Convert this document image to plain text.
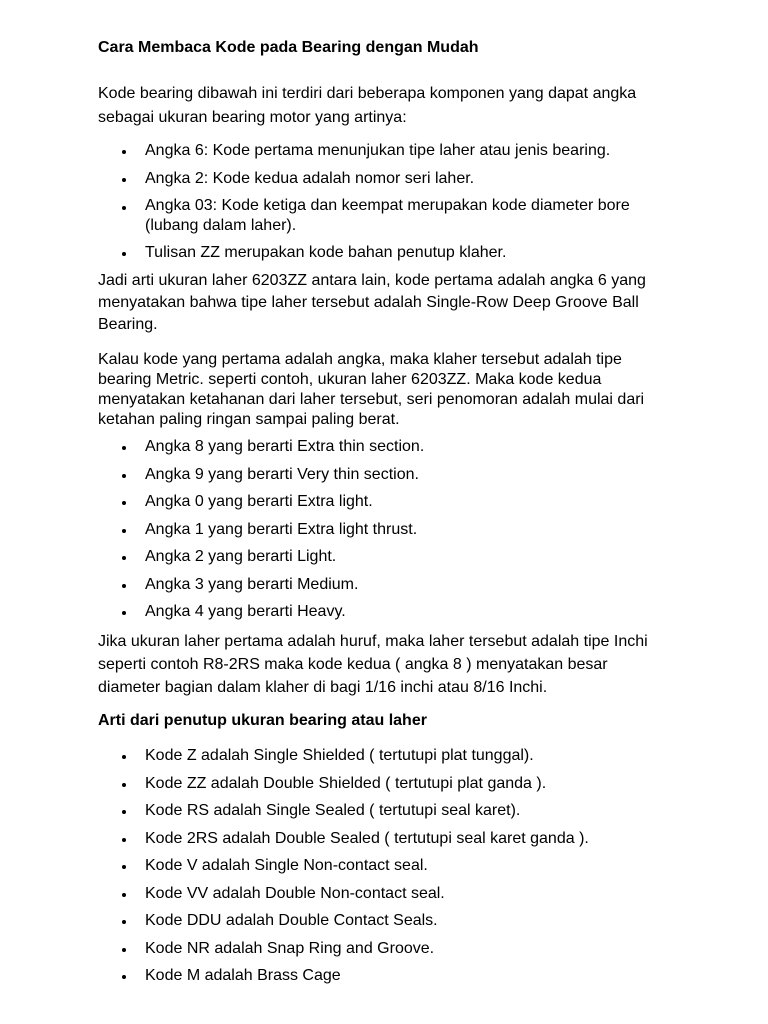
Cara Membaca Kode pada Bearing dengan Mudah

Kode bearing dibawah ini terdiri dari beberapa komponen yang dapat angka
sebagai ukuran bearing motor yang artinya:

Angka 6: Kode pertama menunjukan tipe laher atau jenis bearing.
Angka 2: Kode kedua adalah nomor seri laher.
Angka 03: Kode ketiga dan keempat merupakan kode diameter bore
(lubang dalam laher).
Tulisan ZZ merupakan kode bahan penutup klaher.

Jadi arti ukuran laher 6203ZZ antara lain, kode pertama adalah angka 6 yang
menyatakan bahwa tipe laher tersebut adalah Single-Row Deep Groove Ball
Bearing.

Kalau kode yang pertama adalah angka, maka klaher tersebut adalah tipe
bearing Metric. seperti contoh, ukuran laher 6203ZZ. Maka kode kedua
menyatakan ketahanan dari laher tersebut, seri penomoran adalah mulai dari
ketahan paling ringan sampai paling berat.

Angka 8 yang berarti Extra thin section.
Angka 9 yang berarti Very thin section.
Angka 0 yang berarti Extra light.
Angka 1 yang berarti Extra light thrust.
Angka 2 yang berarti Light.
Angka 3 yang berarti Medium.
Angka 4 yang berarti Heavy.

Jika ukuran laher pertama adalah huruf, maka laher tersebut adalah tipe Inchi
seperti contoh R8-2RS maka kode kedua ( angka 8 ) menyatakan besar
diameter bagian dalam klaher di bagi 1/16 inchi atau 8/16 Inchi.

Arti dari penutup ukuran bearing atau laher

Kode Z adalah Single Shielded ( tertutupi plat tunggal).
Kode ZZ adalah Double Shielded ( tertutupi plat ganda ).
Kode RS adalah Single Sealed ( tertutupi seal karet).
Kode 2RS adalah Double Sealed ( tertutupi seal karet ganda ).
Kode V adalah Single Non-contact seal.
Kode VV adalah Double Non-contact seal.
Kode DDU adalah Double Contact Seals.
Kode NR adalah Snap Ring and Groove.
Kode M adalah Brass Cage
